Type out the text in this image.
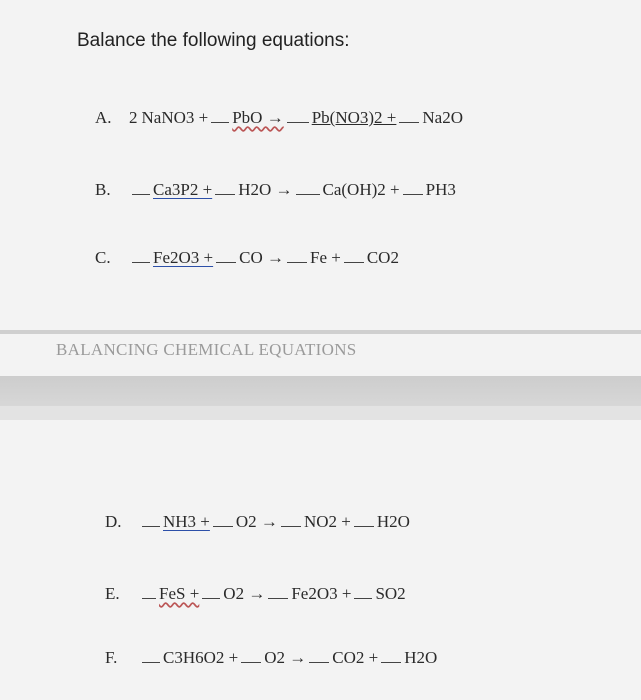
Balance the following equations:
A.	2 NaNO3 + PbO → Pb(NO3)2 + Na2O
B.	Ca3P2 + H2O → Ca(OH)2 + PH3
C.	Fe2O3 + CO → Fe + CO2
BALANCING CHEMICAL EQUATIONS
D.	NH3 + O2 → NO2 + H2O
E.	FeS + O2 → Fe2O3 + SO2
F.	C3H6O2 + O2 → CO2 + H2O
